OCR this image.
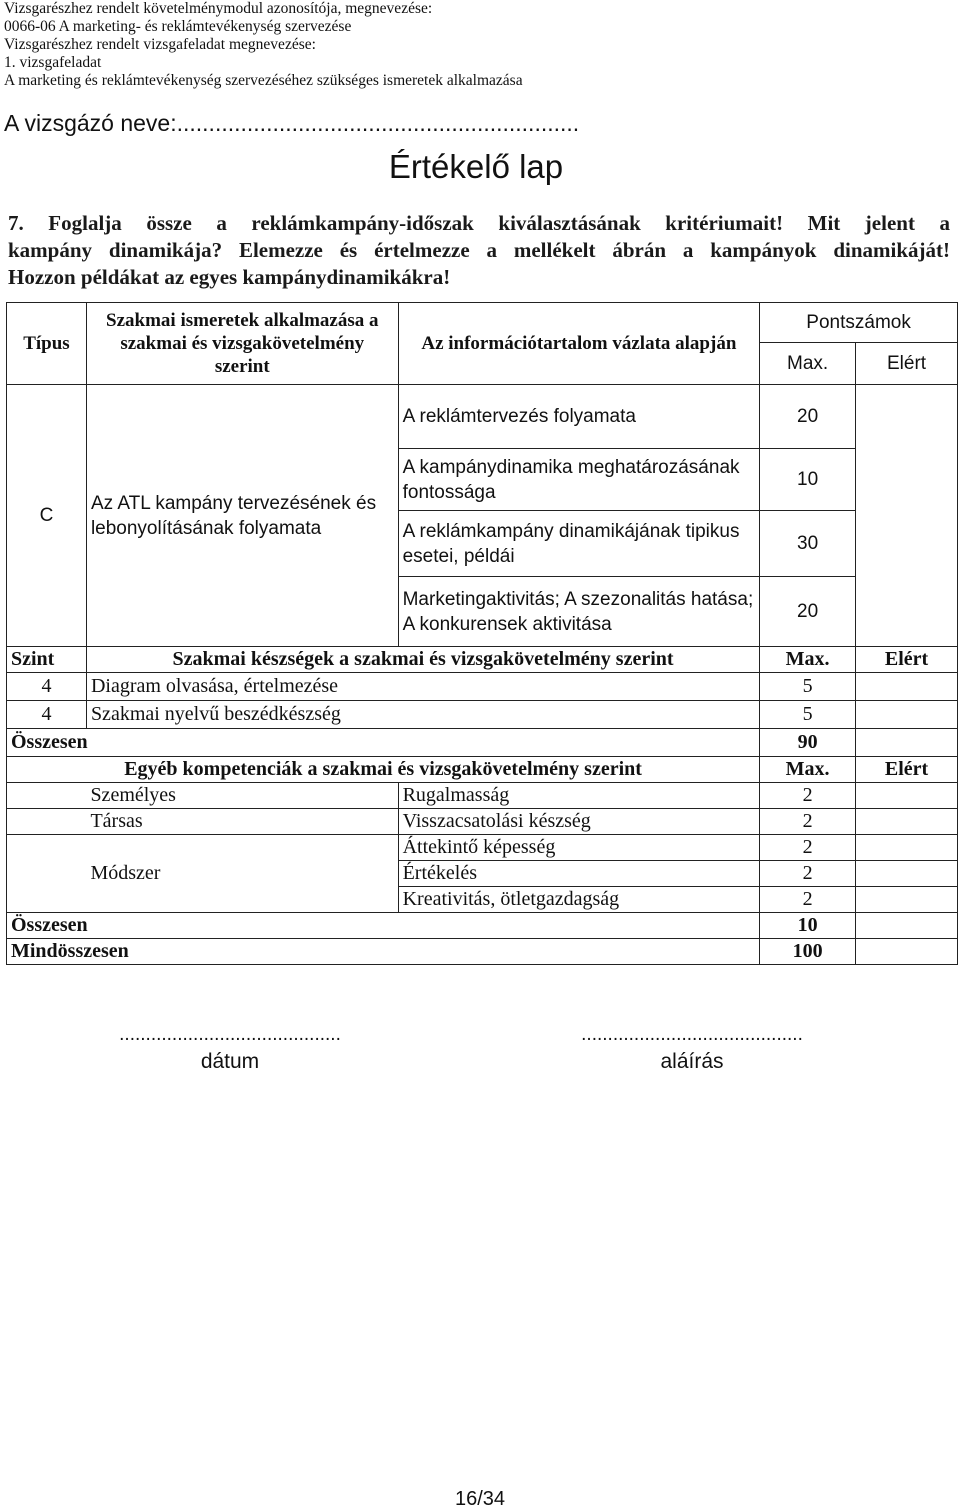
Vizsgarészhez rendelt követelménymodul azonosítója, megnevezése:
0066-06 A marketing- és reklámtevékenység szervezése
Vizsgarészhez rendelt vizsgafeladat megnevezése:
1. vizsgafeladat
A marketing és reklámtevékenység szervezéséhez szükséges ismeretek alkalmazása
A vizsgázó neve:...............................................................
Értékelő lap
7. Foglalja össze a reklámkampány-időszak kiválasztásának kritériumait! Mit jelent a
kampány dinamikája? Elemezze és értelmezze a mellékelt ábrán a kampányok dinamikáját!
Hozzon példákat az egyes kampánydinamikákra!
Típus	Szakmai ismeretek alkalmazása a szakmai és vizsgakövetelmény szerint	Az információtartalom vázlata alapján	Pontszámok	
			Max.	Elért
C	Az ATL kampány tervezésének és lebonyolításának folyamata	A reklámtervezés folyamata	20	
		A kampánydinamika meghatározásának fontossága	10	
		A reklámkampány dinamikájának tipikus esetei, példái	30	
		Marketingaktivitás; A szezonalitás hatása; A konkurensek aktivitása	20	
Szint	Szakmai készségek a szakmai és vizsgakövetelmény szerint		Max.	Elért
4	Diagram olvasása, értelmezése		5	
4	Szakmai nyelvű beszédkészség		5	
Összesen			90	
Egyéb kompetenciák a szakmai és vizsgakövetelmény szerint			Max.	Elért
	Személyes	Rugalmasság	2	
	Társas	Visszacsatolási készség	2	
	Módszer	Áttekintő képesség	2	
		Értékelés	2	
		Kreativitás, ötletgazdagság	2	
Összesen			10	
Mindösszesen			100	
..........................................
dátum
..........................................
aláírás
16/34
